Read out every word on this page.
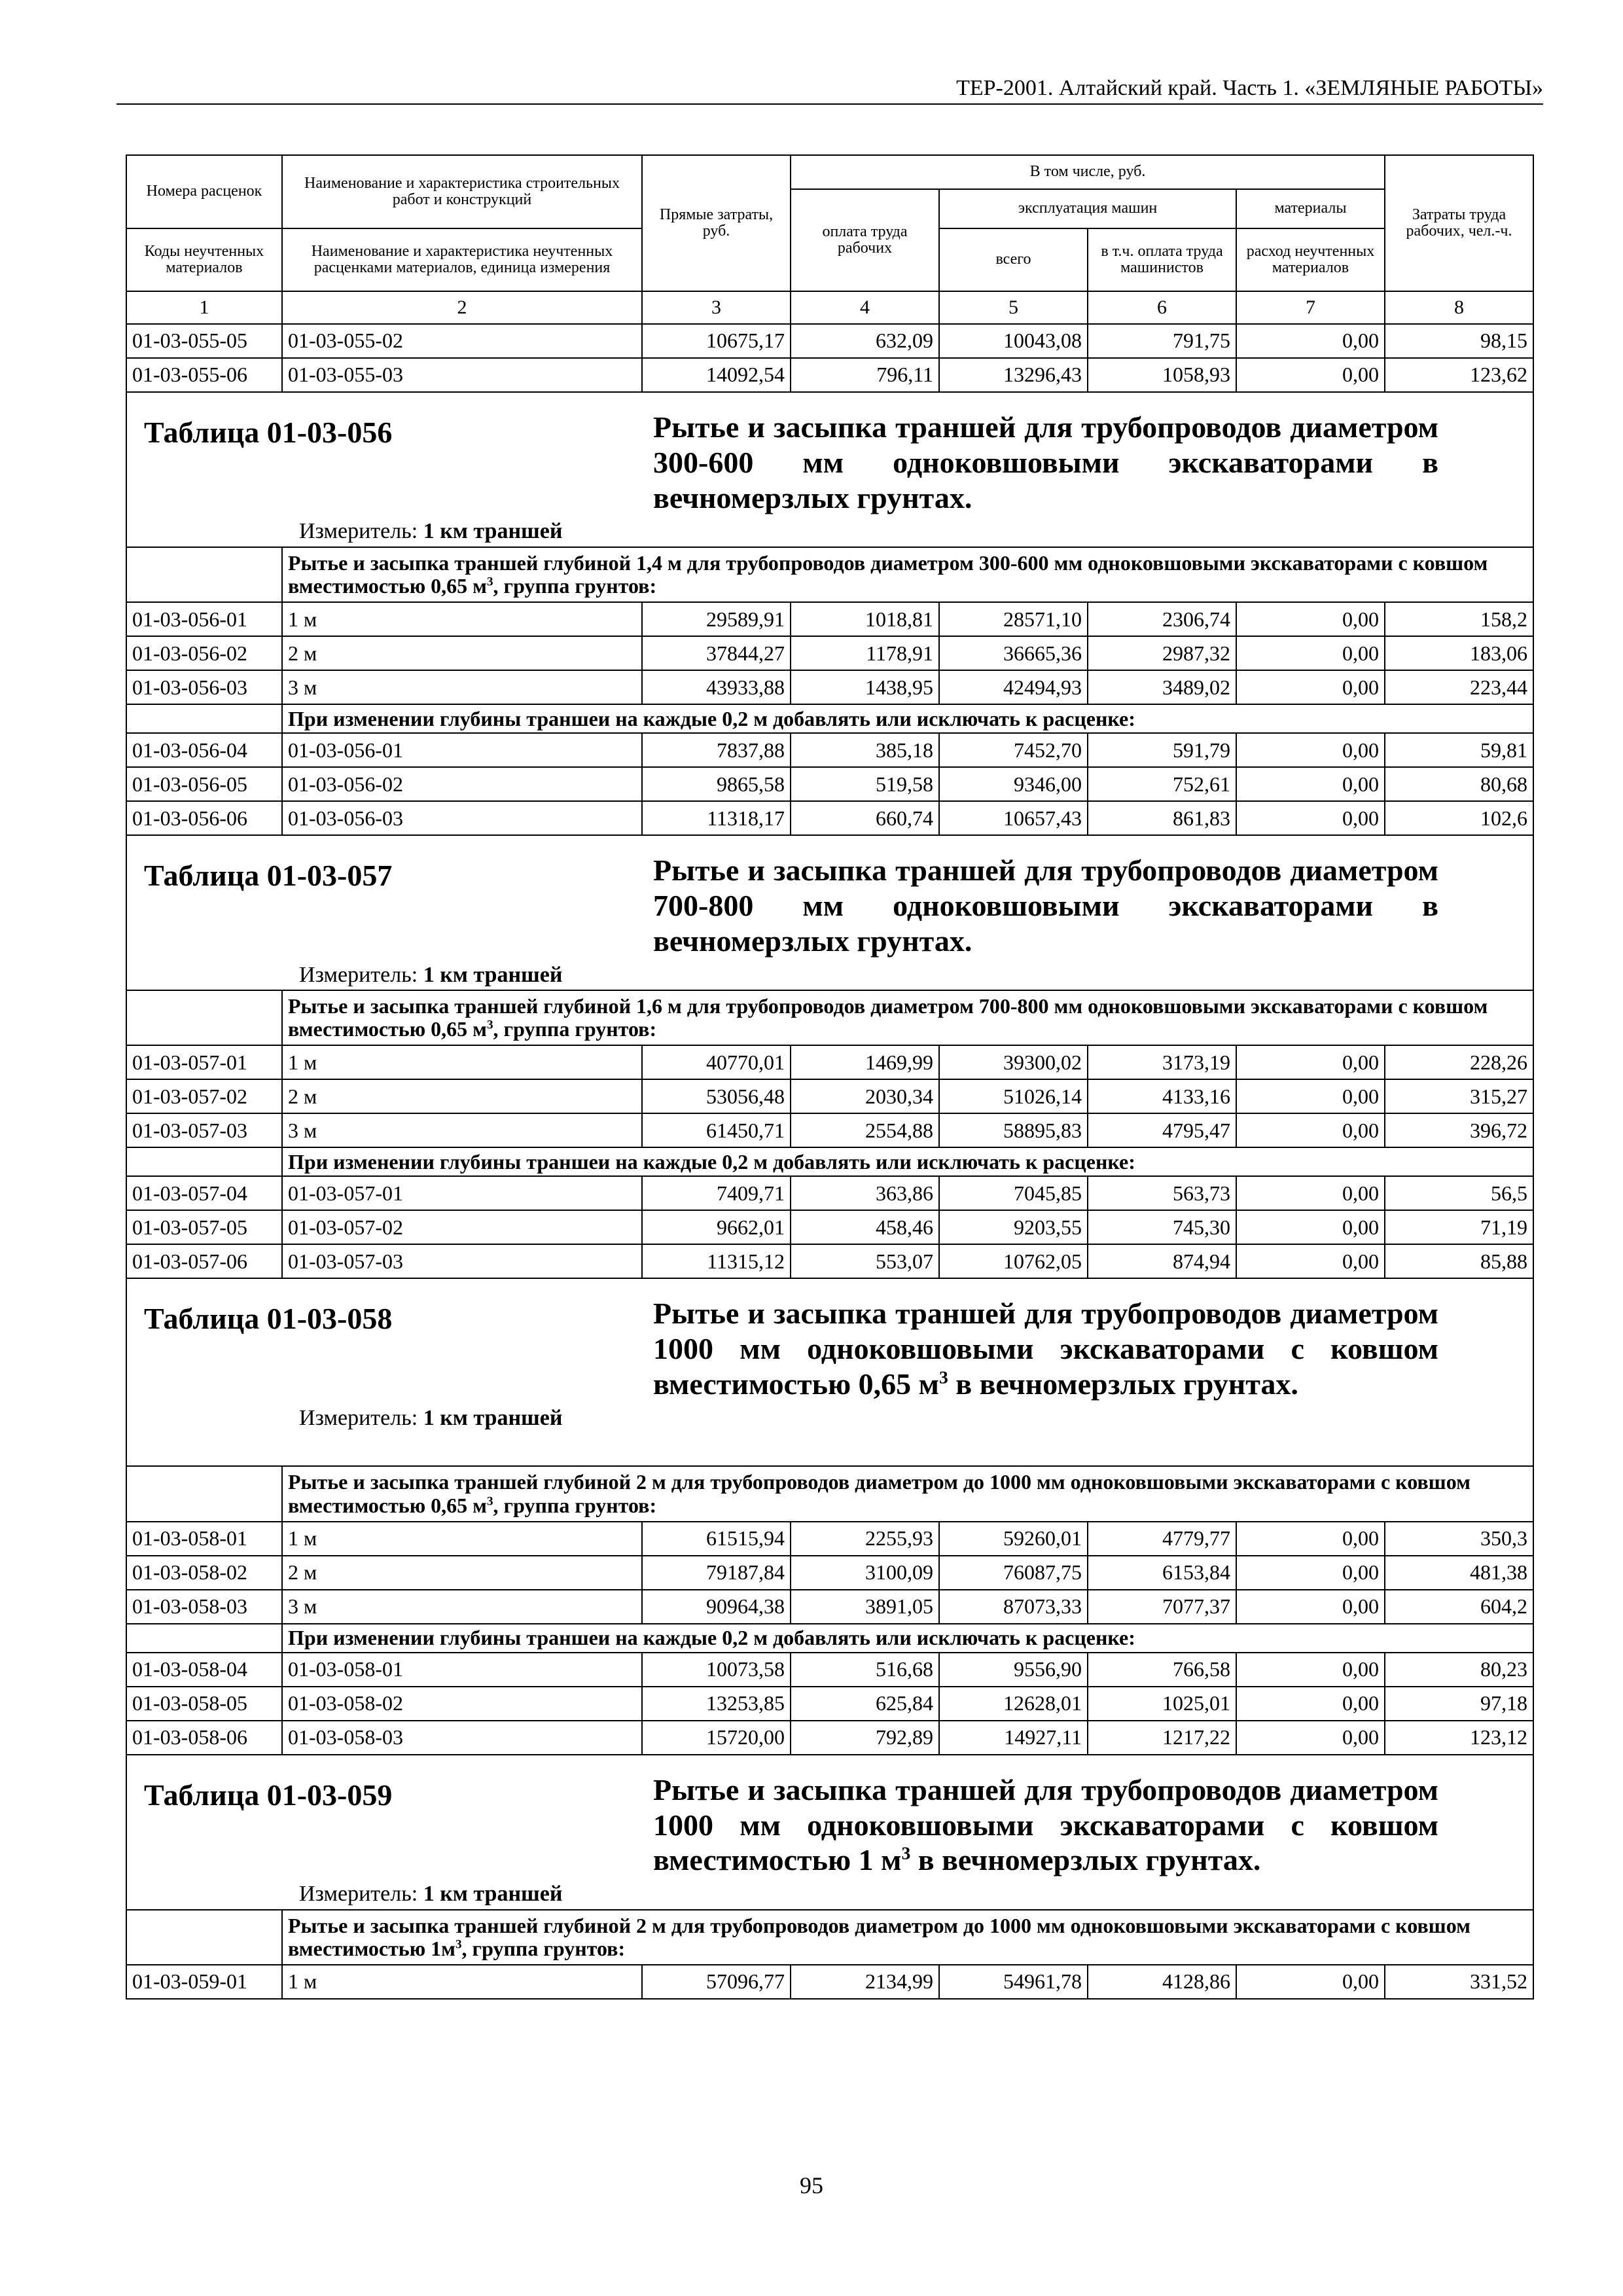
ТЕР-2001. Алтайский край. Часть 1. «ЗЕМЛЯНЫЕ РАБОТЫ»
Номера расценок	Наименование и характеристика строительных работ и конструкций	Прямые затраты, руб.	В том числе, руб.				Затраты труда рабочих, чел.-ч.
			оплата труда рабочих	эксплуатация машин		материалы	
Коды неучтенных материалов	Наименование и характеристика неучтенных расценками материалов, единица измерения			всего	в т.ч. оплата труда машинистов	расход неучтенных материалов	
1	2	3	4	5	6	7	8
01-03-055-05	01-03-055-02	10675,17	632,09	10043,08	791,75	0,00	98,15
01-03-055-06	01-03-055-03	14092,54	796,11	13296,43	1058,93	0,00	123,62

Таблица 01-03-056 Рытье и засыпка траншей для трубопроводов диаметром 300-600 мм одноковшовыми экскаваторами в вечномерзлых грунтах.
Измеритель: 1 км траншей							

	Рытье и засыпка траншей глубиной 1,4 м для трубопроводов диаметром 300-600 мм одноковшовыми экскаваторами с ковшом вместимостью 0,65 $м^3$, группа грунтов:						
01-03-056-01	1 м	29589,91	1018,81	28571,10	2306,74	0,00	158,2
01-03-056-02	2 м	37844,27	1178,91	36665,36	2987,32	0,00	183,06
01-03-056-03	3 м	43933,88	1438,95	42494,93	3489,02	0,00	223,44
	При изменении глубины траншеи на каждые 0,2 м добавлять или исключать к расценке:						
01-03-056-04	01-03-056-01	7837,88	385,18	7452,70	591,79	0,00	59,81
01-03-056-05	01-03-056-02	9865,58	519,58	9346,00	752,61	0,00	80,68
01-03-056-06	01-03-056-03	11318,17	660,74	10657,43	861,83	0,00	102,6

Таблица 01-03-057 Рытье и засыпка траншей для трубопроводов диаметром 700-800 мм одноковшовыми экскаваторами в вечномерзлых грунтах.
Измеритель: 1 км траншей							

	Рытье и засыпка траншей глубиной 1,6 м для трубопроводов диаметром 700-800 мм одноковшовыми экскаваторами с ковшом вместимостью 0,65 $м^3$, группа грунтов:						
01-03-057-01	1 м	40770,01	1469,99	39300,02	3173,19	0,00	228,26
01-03-057-02	2 м	53056,48	2030,34	51026,14	4133,16	0,00	315,27
01-03-057-03	3 м	61450,71	2554,88	58895,83	4795,47	0,00	396,72
	При изменении глубины траншеи на каждые 0,2 м добавлять или исключать к расценке:						
01-03-057-04	01-03-057-01	7409,71	363,86	7045,85	563,73	0,00	56,5
01-03-057-05	01-03-057-02	9662,01	458,46	9203,55	745,30	0,00	71,19
01-03-057-06	01-03-057-03	11315,12	553,07	10762,05	874,94	0,00	85,88

Таблица 01-03-058 Рытье и засыпка траншей для трубопроводов диаметром 1000 мм одноковшовыми экскаваторами с ковшом вместимостью 0,65 $м^3$ в вечномерзлых грунтах.
Измеритель: 1 км траншей							

	Рытье и засыпка траншей глубиной 2 м для трубопроводов диаметром до 1000 мм одноковшовыми экскаваторами с ковшом вместимостью 0,65 $м^3$, группа грунтов:						
01-03-058-01	1 м	61515,94	2255,93	59260,01	4779,77	0,00	350,3
01-03-058-02	2 м	79187,84	3100,09	76087,75	6153,84	0,00	481,38
01-03-058-03	3 м	90964,38	3891,05	87073,33	7077,37	0,00	604,2
	При изменении глубины траншеи на каждые 0,2 м добавлять или исключать к расценке:						
01-03-058-04	01-03-058-01	10073,58	516,68	9556,90	766,58	0,00	80,23
01-03-058-05	01-03-058-02	13253,85	625,84	12628,01	1025,01	0,00	97,18
01-03-058-06	01-03-058-03	15720,00	792,89	14927,11	1217,22	0,00	123,12

Таблица 01-03-059 Рытье и засыпка траншей для трубопроводов диаметром 1000 мм одноковшовыми экскаваторами с ковшом вместимостью 1 $м^3$ в вечномерзлых грунтах.
Измеритель: 1 км траншей							

	Рытье и засыпка траншей глубиной 2 м для трубопроводов диаметром до 1000 мм одноковшовыми экскаваторами с ковшом вместимостью $1м^3$, группа грунтов:						
01-03-059-01	1 м	57096,77	2134,99	54961,78	4128,86	0,00	331,52
95
